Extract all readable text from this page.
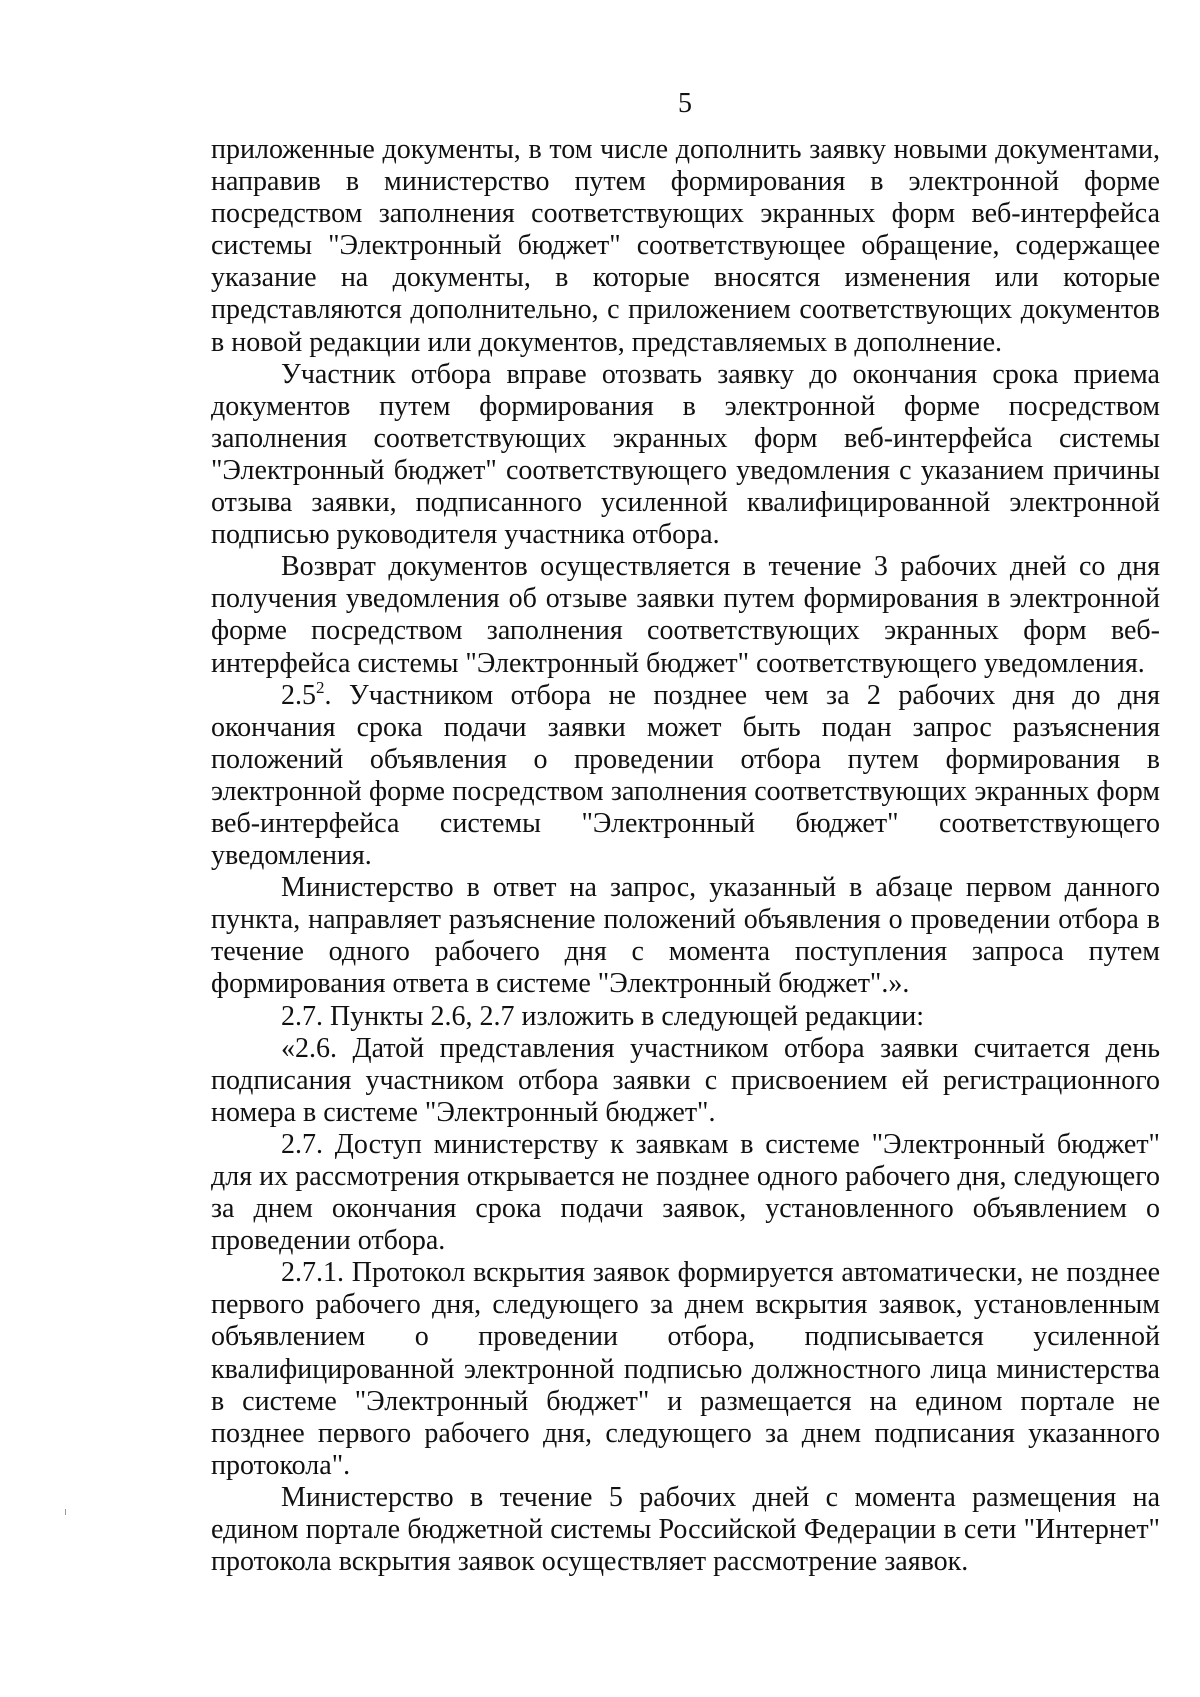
5

приложенные документы, в том числе дополнить заявку новыми документами, направив в министерство путем формирования в электронной форме посредством заполнения соответствующих экранных форм веб-интерфейса системы "Электронный бюджет" соответствующее обращение, содержащее указание на документы, в которые вносятся изменения или которые представляются дополнительно, с приложением соответствующих документов в новой редакции или документов, представляемых в дополнение.

Участник отбора вправе отозвать заявку до окончания срока приема документов путем формирования в электронной форме посредством заполнения соответствующих экранных форм веб-интерфейса системы "Электронный бюджет" соответствующего уведомления с указанием причины отзыва заявки, подписанного усиленной квалифицированной электронной подписью руководителя участника отбора.

Возврат документов осуществляется в течение 3 рабочих дней со дня получения уведомления об отзыве заявки путем формирования в электронной форме посредством заполнения соответствующих экранных форм веб-интерфейса системы "Электронный бюджет" соответствующего уведомления.

$2.5^2$. Участником отбора не позднее чем за 2 рабочих дня до дня окончания срока подачи заявки может быть подан запрос разъяснения положений объявления о проведении отбора путем формирования в электронной форме посредством заполнения соответствующих экранных форм веб-интерфейса системы "Электронный бюджет" соответствующего уведомления.

Министерство в ответ на запрос, указанный в абзаце первом данного пункта, направляет разъяснение положений объявления о проведении отбора в течение одного рабочего дня с момента поступления запроса путем формирования ответа в системе "Электронный бюджет".».

2.7. Пункты 2.6, 2.7 изложить в следующей редакции:

«2.6. Датой представления участником отбора заявки считается день подписания участником отбора заявки с присвоением ей регистрационного номера в системе "Электронный бюджет".

2.7. Доступ министерству к заявкам в системе "Электронный бюджет" для их рассмотрения открывается не позднее одного рабочего дня, следующего за днем окончания срока подачи заявок, установленного объявлением о проведении отбора.

2.7.1. Протокол вскрытия заявок формируется автоматически, не позднее первого рабочего дня, следующего за днем вскрытия заявок, установленным объявлением о проведении отбора, подписывается усиленной квалифицированной электронной подписью должностного лица министерства в системе "Электронный бюджет" и размещается на едином портале не позднее первого рабочего дня, следующего за днем подписания указанного протокола".

Министерство в течение 5 рабочих дней с момента размещения на едином портале бюджетной системы Российской Федерации в сети "Интернет" протокола вскрытия заявок осуществляет рассмотрение заявок.
